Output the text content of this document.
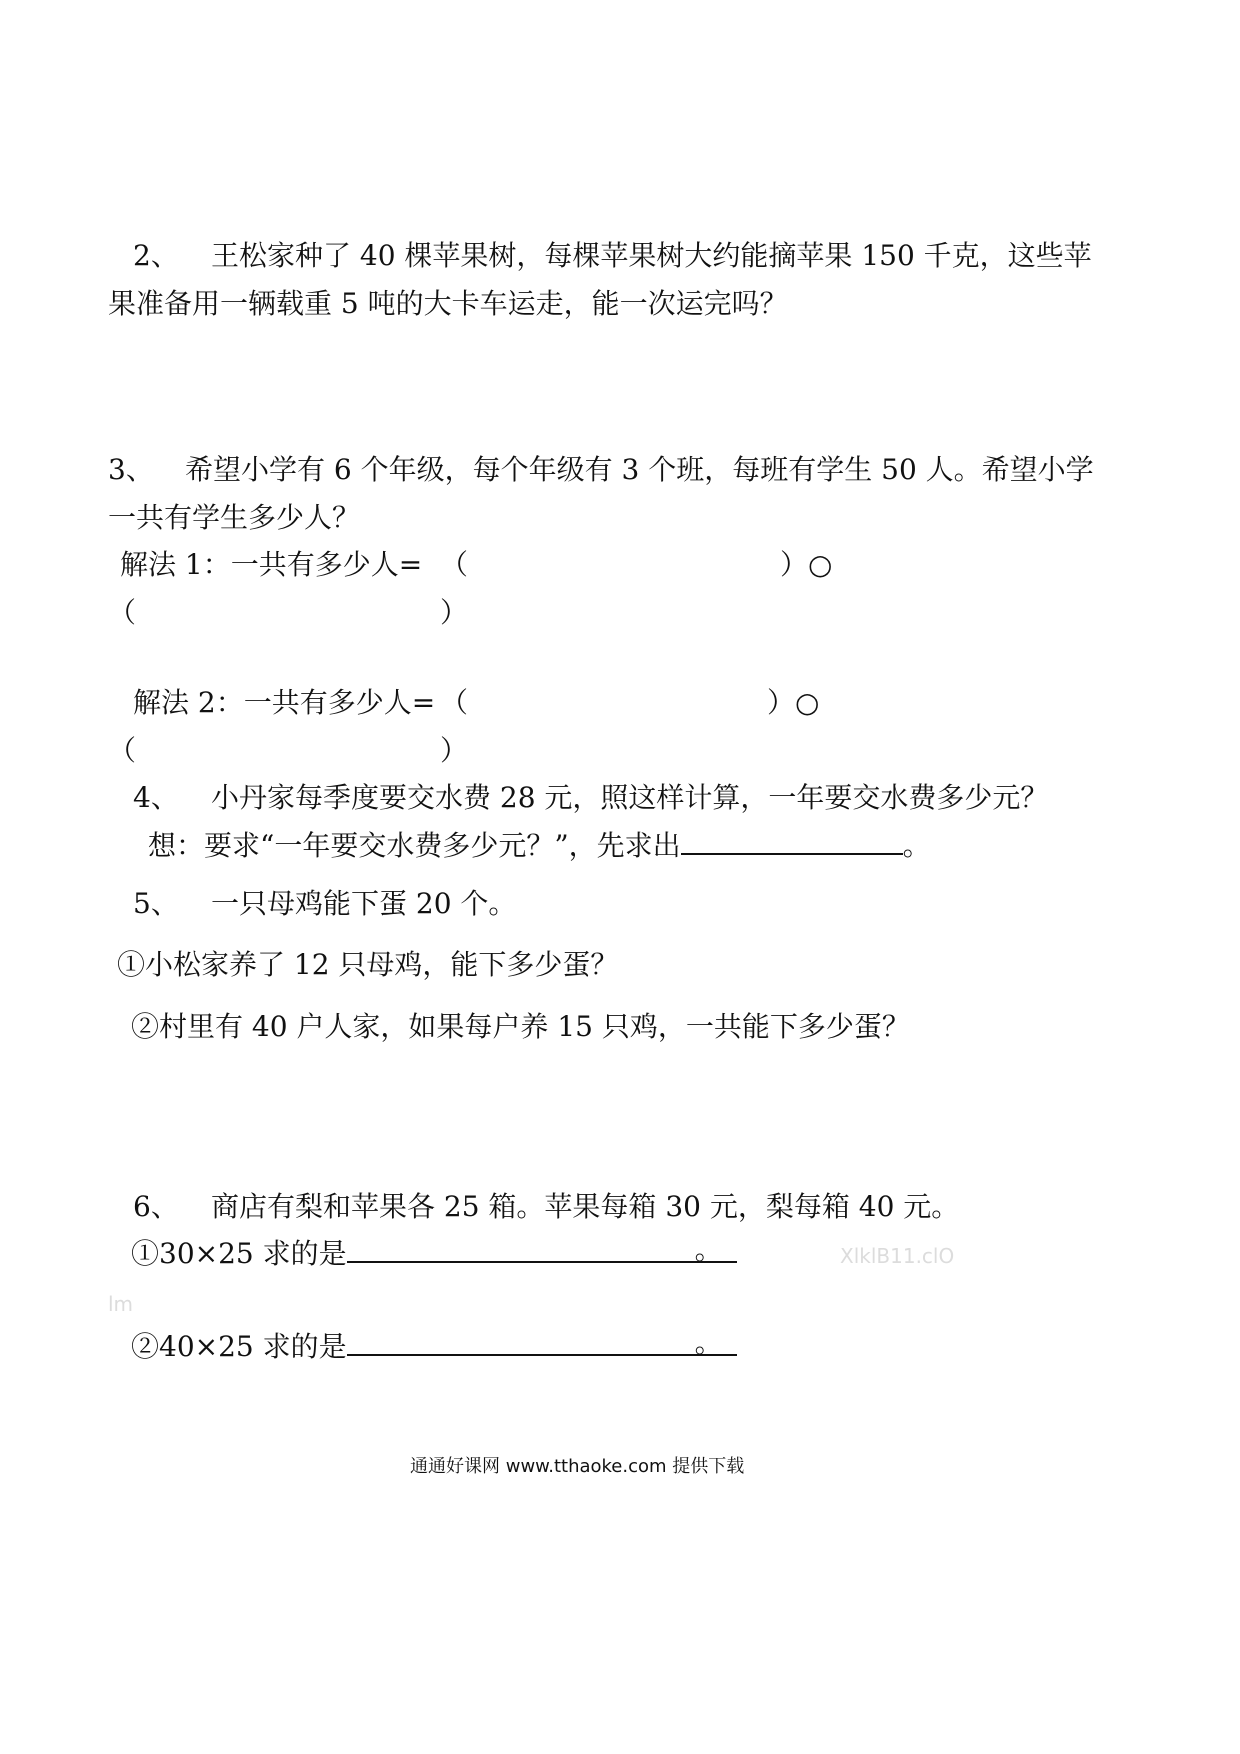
2、 王松家种了 40 棵苹果树，每棵苹果树大约能摘苹果 150 千克，这些苹
果准备用一辆载重 5 吨的大卡车运走，能一次运完吗？
3、 希望小学有 6 个年级，每个年级有 3 个班，每班有学生 50 人。希望小学
一共有学生多少人？
解法 1：一共有多少人= （	）○
（	）
解法 2：一共有多少人= （	）○
（	）
4、 小丹家每季度要交水费 28 元，照这样计算，一年要交水费多少元？
想：要求“一年要交水费多少元？”，先求出	。
5、 一只母鸡能下蛋 20 个。
①小松家养了 12 只母鸡，能下多少蛋？
②村里有 40 户人家，如果每户养 15 只鸡，一共能下多少蛋？
6、 商店有梨和苹果各 25 箱。苹果每箱 30 元，梨每箱 40 元。
①30×25 求的是	。
②40×25 求的是	。
XlklB11.clO
lm
通通好课网 www.tthaoke.com 提供下载
